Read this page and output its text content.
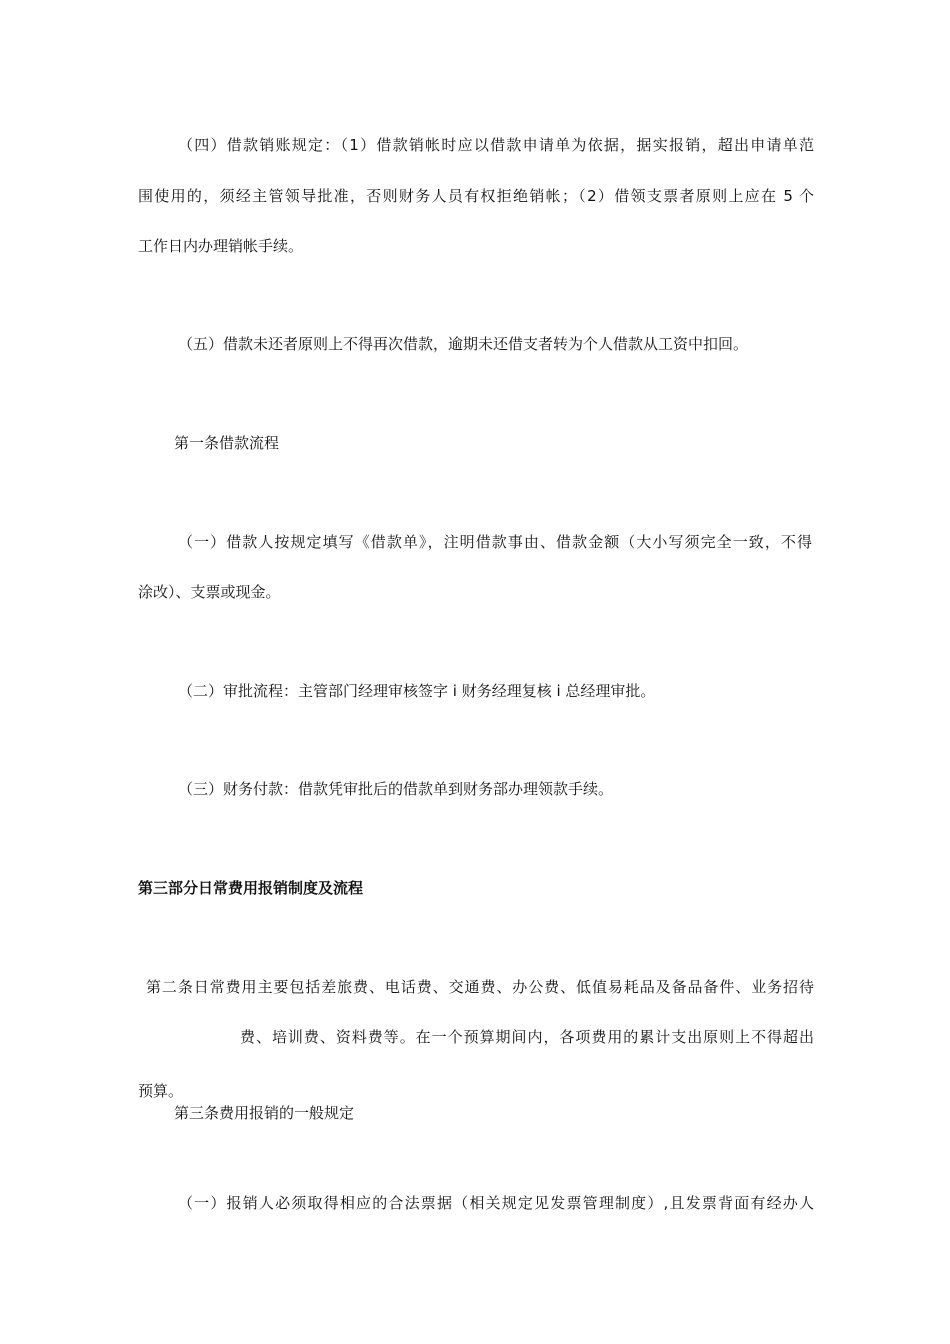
（四）借款销账规定：（1）借款销帐时应以借款申请单为依据，据实报销，超出申请单范

围使用的，须经主管领导批准，否则财务人员有权拒绝销帐；（2）借领支票者原则上应在 5 个

工作日内办理销帐手续。

（五）借款未还者原则上不得再次借款，逾期未还借支者转为个人借款从工资中扣回。

第一条借款流程

（一）借款人按规定填写《借款单》，注明借款事由、借款金额（大小写须完全一致，不得

涂改）、支票或现金。

（二）审批流程：主管部门经理审核签字 i 财务经理复核 i 总经理审批。

（三）财务付款：借款凭审批后的借款单到财务部办理领款手续。

第三部分日常费用报销制度及流程

第二条日常费用主要包括差旅费、电话费、交通费、办公费、低值易耗品及备品备件、业务招待

费、培训费、资料费等。在一个预算期间内，各项费用的累计支出原则上不得超出

预算。

第三条费用报销的一般规定

（一）报销人必须取得相应的合法票据（相关规定见发票管理制度）,且发票背面有经办人
